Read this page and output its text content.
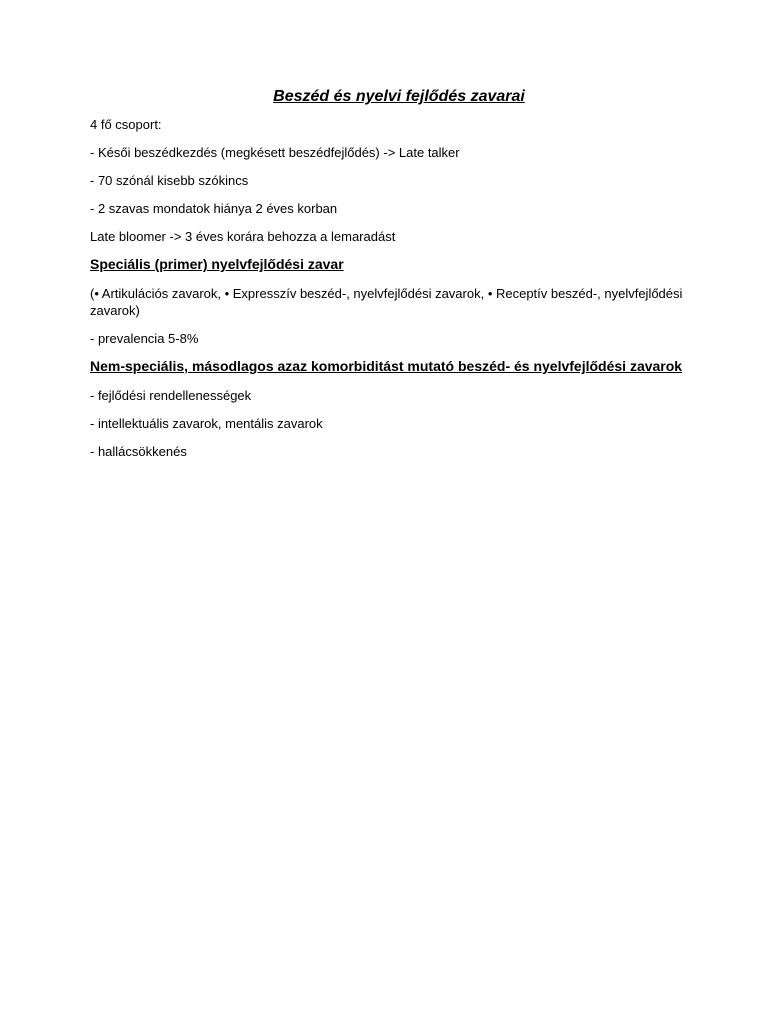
Beszéd és nyelvi fejlődés zavarai

4 fő csoport:

- Késői beszédkezdés (megkésett beszédfejlődés) -> Late talker

- 70 szónál kisebb szókincs

- 2 szavas mondatok hiánya 2 éves korban

Late bloomer -> 3 éves korára behozza a lemaradást

Speciális (primer) nyelvfejlődési zavar

(• Artikulációs zavarok, • Expresszív beszéd-, nyelvfejlődési zavarok, • Receptív beszéd-, nyelvfejlődési zavarok)

- prevalencia 5-8%

Nem-speciális, másodlagos azaz komorbiditást mutató beszéd- és nyelvfejlődési zavarok

- fejlődési rendellenességek

- intellektuális zavarok, mentális zavarok

- hallácsökkenés
